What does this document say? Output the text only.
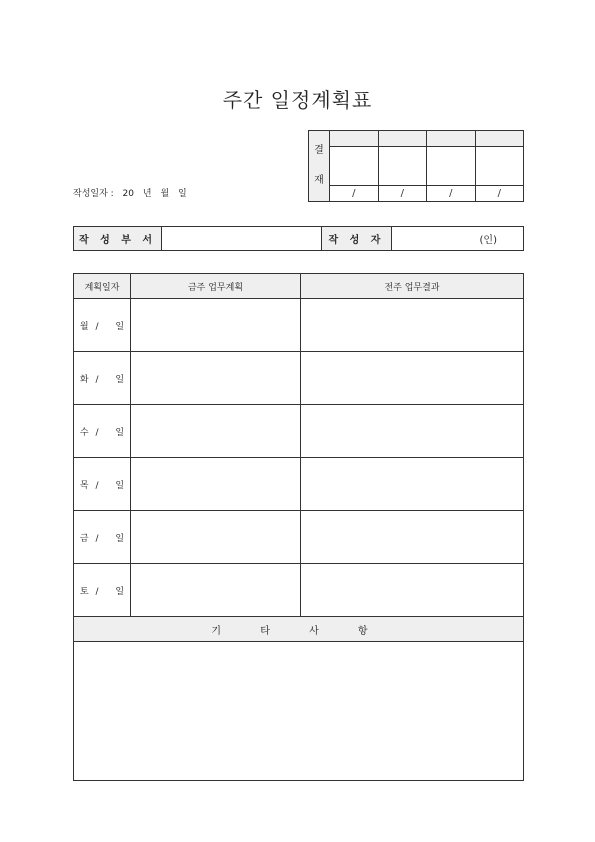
주간 일정계획표
결
재				

	/	/	/	/
작성일자 : 20 년 월 일
작 성 부 서		작 성 자	(인)
계획일자	금주 업무계획	전주 업무결과
월 / 일		
화 / 일		
수 / 일		
목 / 일		
금 / 일		
토 / 일		
기 타 사 항		
